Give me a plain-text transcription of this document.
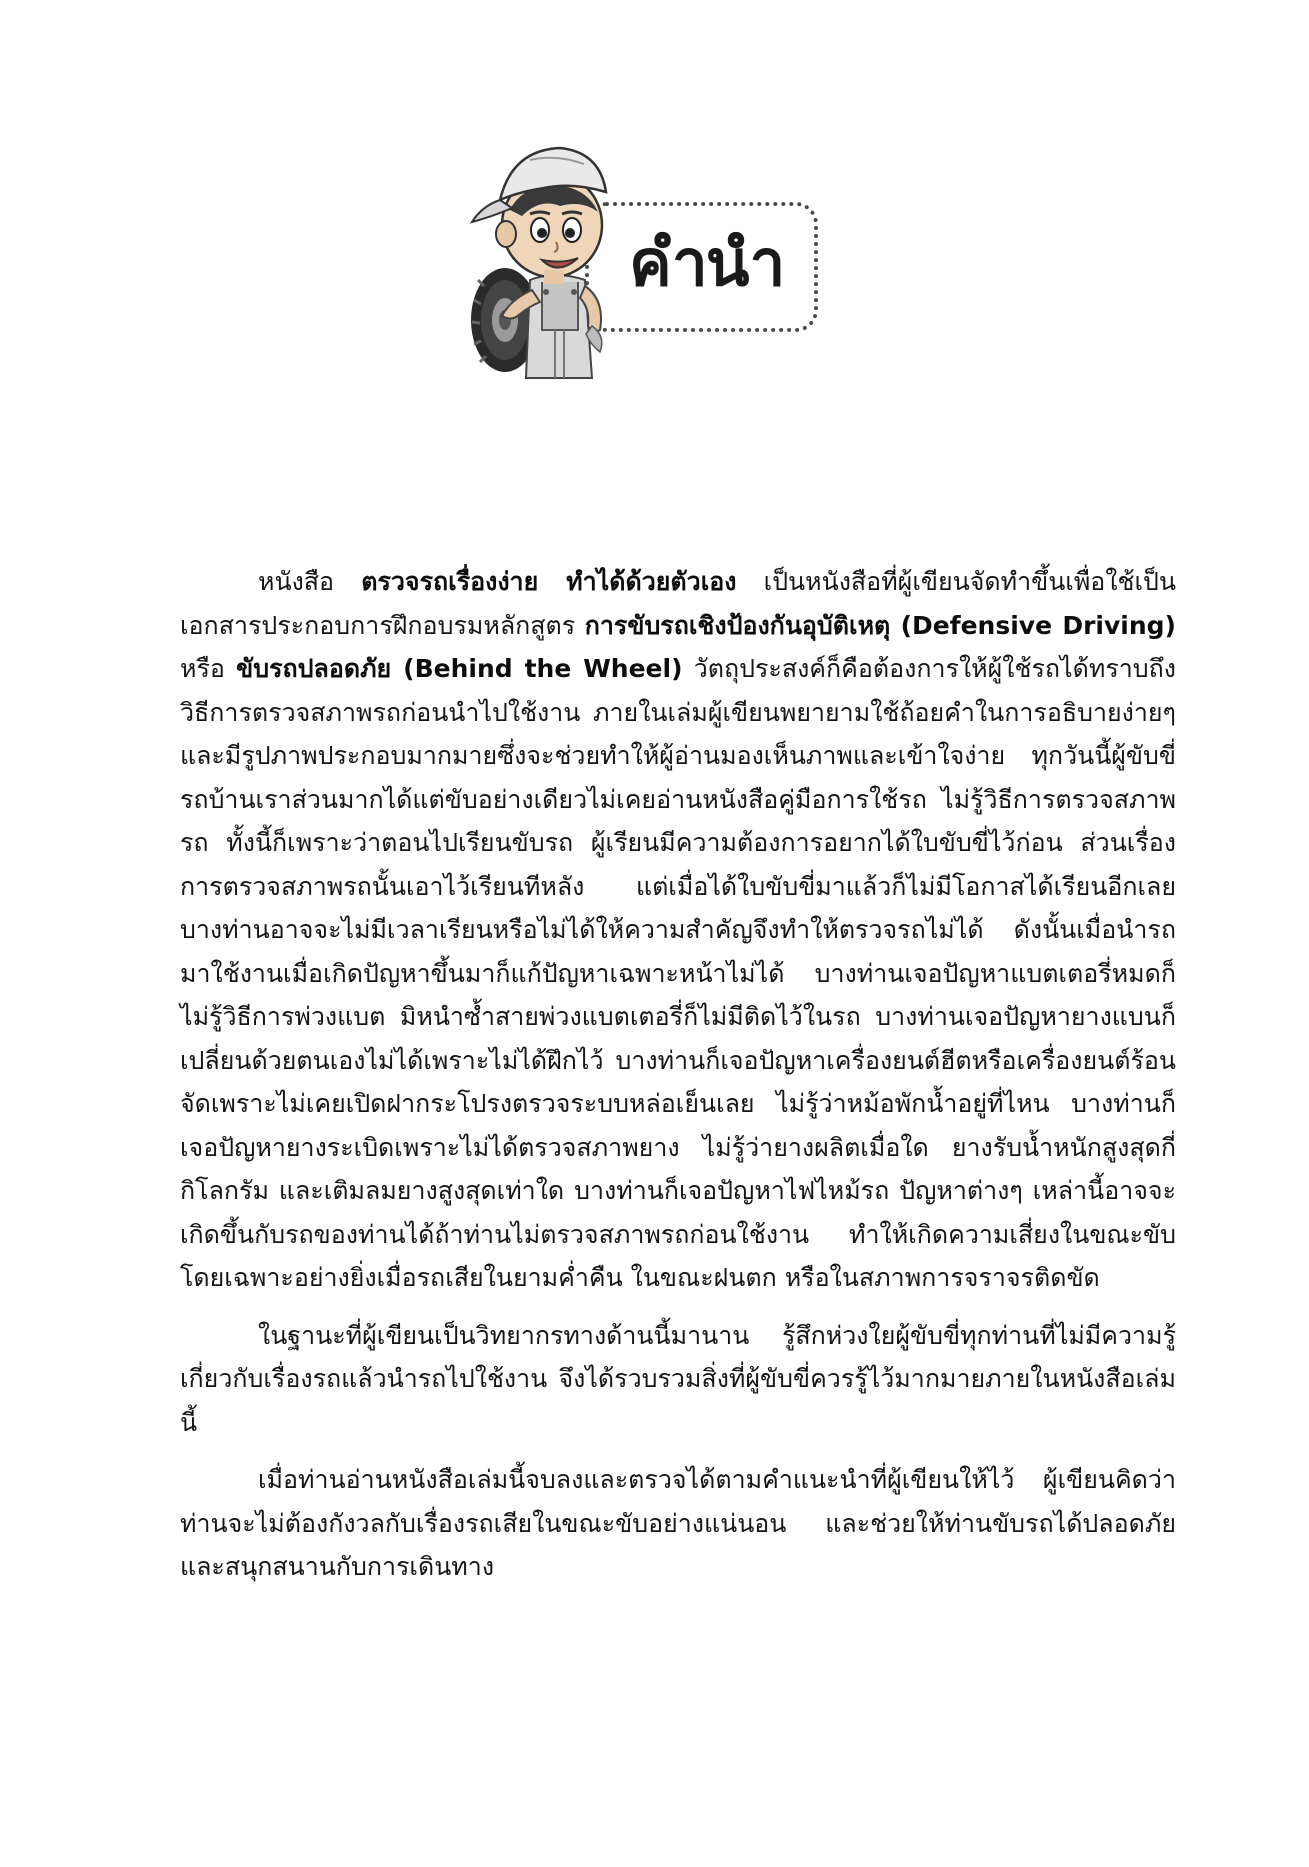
คำนำ

หนังสือ ตรวจรถเรื่องง่าย ทำได้ด้วยตัวเอง เป็นหนังสือที่ผู้เขียนจัดทำขึ้นเพื่อใช้เป็นเอกสารประกอบการฝึกอบรมหลักสูตร การขับรถเชิงป้องกันอุบัติเหตุ (Defensive Driving) หรือ ขับรถปลอดภัย (Behind the Wheel) วัตถุประสงค์ก็คือต้องการให้ผู้ใช้รถได้ทราบถึงวิธีการตรวจสภาพรถก่อนนำไปใช้งาน ภายในเล่มผู้เขียนพยายามใช้ถ้อยคำในการอธิบายง่ายๆ และมีรูปภาพประกอบมากมายซึ่งจะช่วยทำให้ผู้อ่านมองเห็นภาพและเข้าใจง่าย ทุกวันนี้ผู้ขับขี่รถบ้านเราส่วนมากได้แต่ขับอย่างเดียวไม่เคยอ่านหนังสือคู่มือการใช้รถ ไม่รู้วิธีการตรวจสภาพรถ ทั้งนี้ก็เพราะว่าตอนไปเรียนขับรถ ผู้เรียนมีความต้องการอยากได้ใบขับขี่ไว้ก่อน ส่วนเรื่องการตรวจสภาพรถนั้นเอาไว้เรียนทีหลัง แต่เมื่อได้ใบขับขี่มาแล้วก็ไม่มีโอกาสได้เรียนอีกเลย บางท่านอาจจะไม่มีเวลาเรียนหรือไม่ได้ให้ความสำคัญจึงทำให้ตรวจรถไม่ได้ ดังนั้นเมื่อนำรถมาใช้งานเมื่อเกิดปัญหาขึ้นมาก็แก้ปัญหาเฉพาะหน้าไม่ได้ บางท่านเจอปัญหาแบตเตอรี่หมดก็ไม่รู้วิธีการพ่วงแบต มิหนำซ้ำสายพ่วงแบตเตอรี่ก็ไม่มีติดไว้ในรถ บางท่านเจอปัญหายางแบนก็เปลี่ยนด้วยตนเองไม่ได้เพราะไม่ได้ฝึกไว้ บางท่านก็เจอปัญหาเครื่องยนต์ฮีตหรือเครื่องยนต์ร้อนจัดเพราะไม่เคยเปิดฝากระโปรงตรวจระบบหล่อเย็นเลย ไม่รู้ว่าหม้อพักน้ำอยู่ที่ไหน บางท่านก็เจอปัญหายางระเบิดเพราะไม่ได้ตรวจสภาพยาง ไม่รู้ว่ายางผลิตเมื่อใด ยางรับน้ำหนักสูงสุดกี่กิโลกรัม และเติมลมยางสูงสุดเท่าใด บางท่านก็เจอปัญหาไฟไหม้รถ ปัญหาต่างๆ เหล่านี้อาจจะเกิดขึ้นกับรถของท่านได้ถ้าท่านไม่ตรวจสภาพรถก่อนใช้งาน ทำให้เกิดความเสี่ยงในขณะขับโดยเฉพาะอย่างยิ่งเมื่อรถเสียในยามค่ำคืน ในขณะฝนตก หรือในสภาพการจราจรติดขัด

ในฐานะที่ผู้เขียนเป็นวิทยากรทางด้านนี้มานาน รู้สึกห่วงใยผู้ขับขี่ทุกท่านที่ไม่มีความรู้เกี่ยวกับเรื่องรถแล้วนำรถไปใช้งาน จึงได้รวบรวมสิ่งที่ผู้ขับขี่ควรรู้ไว้มากมายภายในหนังสือเล่มนี้

เมื่อท่านอ่านหนังสือเล่มนี้จบลงและตรวจได้ตามคำแนะนำที่ผู้เขียนให้ไว้ ผู้เขียนคิดว่าท่านจะไม่ต้องกังวลกับเรื่องรถเสียในขณะขับอย่างแน่นอน และช่วยให้ท่านขับรถได้ปลอดภัยและสนุกสนานกับการเดินทาง
